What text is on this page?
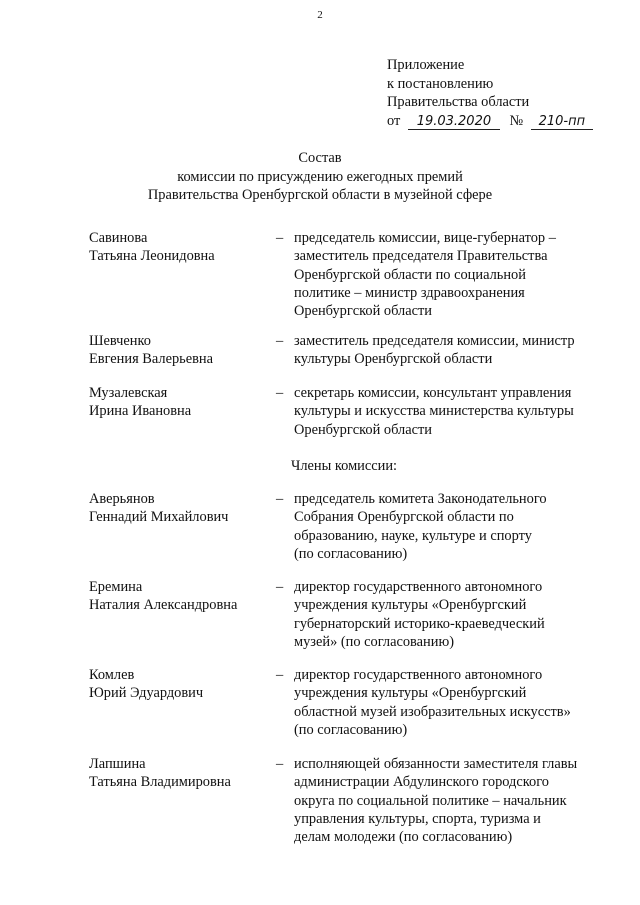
2
Приложение
к постановлению
Правительства области
от 19.03.2020 № 210-пп
Состав
комиссии по присуждению ежегодных премий
Правительства Оренбургской области в музейной сфере
Савинова
Татьяна Леонидовна
– председатель комиссии, вице-губернатор –
заместитель председателя Правительства
Оренбургской области по социальной
политике – министр здравоохранения
Оренбургской области
Шевченко
Евгения Валерьевна
– заместитель председателя комиссии, министр
культуры Оренбургской области
Музалевская
Ирина Ивановна
– секретарь комиссии, консультант управления
культуры и искусства министерства культуры
Оренбургской области
Члены комиссии:
Аверьянов
Геннадий Михайлович
– председатель комитета Законодательного
Собрания Оренбургской области по
образованию, науке, культуре и спорту
(по согласованию)
Еремина
Наталия Александровна
– директор государственного автономного
учреждения культуры «Оренбургский
губернаторский историко-краеведческий
музей» (по согласованию)
Комлев
Юрий Эдуардович
– директор государственного автономного
учреждения культуры «Оренбургский
областной музей изобразительных искусств»
(по согласованию)
Лапшина
Татьяна Владимировна
– исполняющей обязанности заместителя главы
администрации Абдулинского городского
округа по социальной политике – начальник
управления культуры, спорта, туризма и
делам молодежи (по согласованию)
